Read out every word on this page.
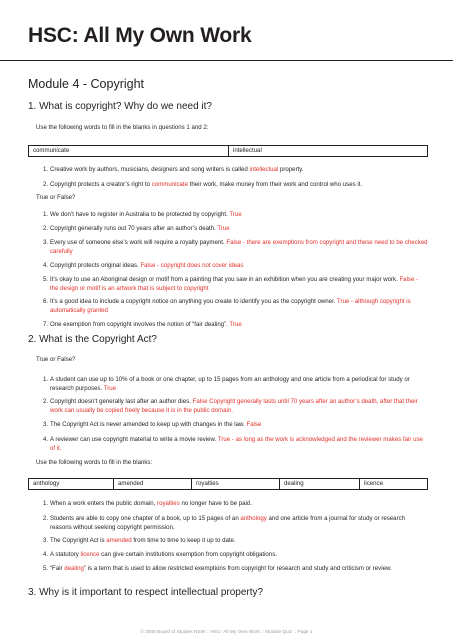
HSC: All My Own Work
Module 4 - Copyright
1. What is copyright? Why do we need it?
Use the following words to fill in the blanks in questions 1 and 2:
communicate	intellectual
1. Creative work by authors, musicians, designers and song writers is called intellectual property.
2. Copyright protects a creator’s right to communicate their work, make money from their work and control who uses it.
True or False?
1. We don’t have to register in Australia to be protected by copyright. True
2. Copyright generally runs out 70 years after an author’s death. True
3. Every use of someone else’s work will require a royalty payment. False - there are exemptions from copyright and these need to be checked carefully
4. Copyright protects original ideas. False - copyright does not cover ideas
5. It’s okay to use an Aboriginal design or motif from a painting that you saw in an exhibition when you are creating your major work. False - the design or motif is an artwork that is subject to copyright
6. It’s a good idea to include a copyright notice on anything you create to identify you as the copyright owner. True - although copyright is automatically granted
7. One exemption from copyright involves the notion of “fair dealing”. True
2. What is the Copyright Act?
True or False?
1. A student can use up to 10% of a book or one chapter, up to 15 pages from an anthology and one article from a periodical for study or research purposes. True
2. Copyright doesn’t generally last after an author dies. False Copyright generally lasts until 70 years after an author’s death, after that their work can usually be copied freely because it is in the public domain.
3. The Copyright Act is never amended to keep up with changes in the law. False
4. A reviewer can use copyright material to write a movie review. True - as long as the work is acknowledged and the reviewer makes fair use of it.
Use the following words to fill in the blanks:
anthology	amended	royalties	dealing	licence
1. When a work enters the public domain, royalties no longer have to be paid.
2. Students are able to copy one chapter of a book, up to 15 pages of an anthology and one article from a journal for study or research reasons without seeking copyright permission.
3. The Copyright Act is amended from time to time to keep it up to date.
4. A statutory licence can give certain institutions exemption from copyright obligations.
5. “Fair dealing” is a term that is used to allow restricted exemptions from copyright for research and study and criticism or review.
3. Why is it important to respect intellectual property?
© 2006 Board of Studies NSW :: HSC- All My Own Work :: Module Quiz :: Page 1
